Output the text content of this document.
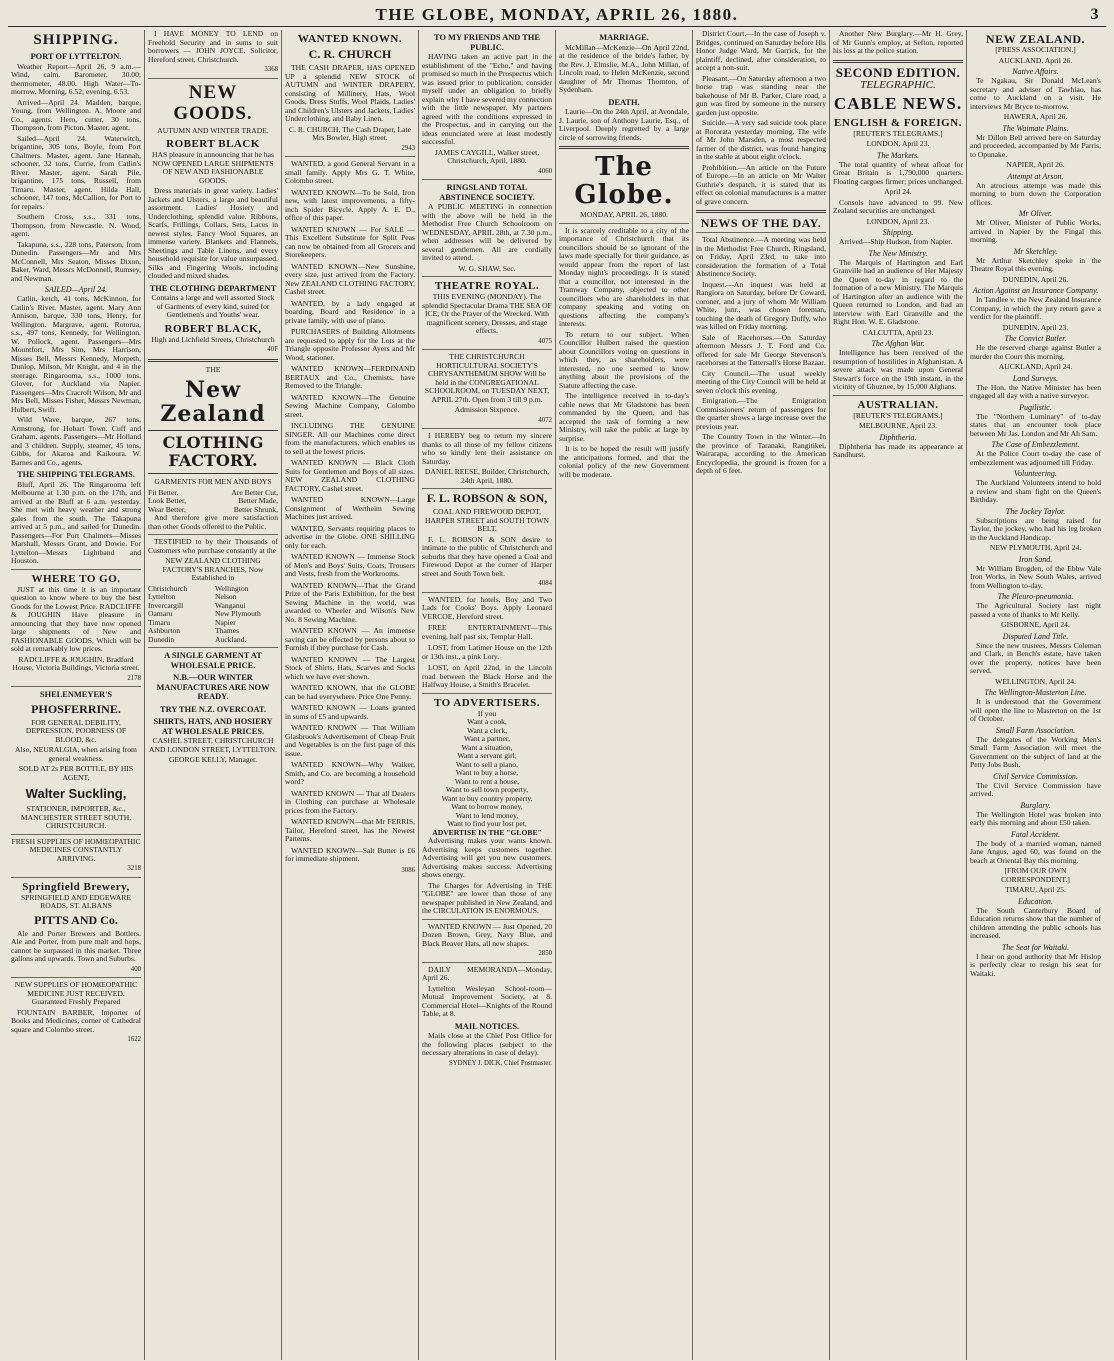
THE GLOBE, MONDAY, APRIL 26, 1880.	3
SHIPPING.
PORT OF LYTTELTON.

Weather Report—April 26, 9 a.m.—Wind, calm. Barometer, 30.00; thermometer, 48.00. High Water—To-morrow, Morning, 6.52; evening, 6.53.

Arrived—April 24. Madden, barque, Young, from Wellington. A. Moore and Co., agents. Hero, cutter, 30 tons, Thompson, from Picton. Master, agent.

Sailed—April 24. Waterwitch, brigantine, 305 tons, Boyle, from Port Chalmers. Master, agent. Jane Hannah, schooner, 32 tons, Currie, from Catlin's River. Master, agent. Sarah Pile, brigantine, 175 tons, Russell, from Timaru. Master, agent. Hilda Hall, schooner, 147 tons, McCallion, for Port to for repairs.

Southern Cross, s.s., 331 tons, Thompson, from Newcastle. N. Wood, agent.

Takapuna, s.s., 228 tons, Paterson, from Dunedin. Passengers—Mr and Mrs McConnell, Mrs Seaton, Misses Dixon, Baker, Ward, Messrs McDonnell, Rumsey, and Newman.

SAILED—April 24.

Catlin, ketch, 41 tons, McKinnon, for Catlin's River. Master, agent. Mary Ann Annison, barque, 330 tons, Henry, for Wellington. Margrave, agent. Rotorua, s.s., 497 tons, Kennedy, for Wellington. W. Pollock, agent. Passengers—Mrs Mountfort, Mrs Sim, Mrs Harrison, Misses Bell, Messrs Kennedy, Morpeth, Dunlop, Milson, Mr Knight, and 4 in the steerage. Ringarooma, s.s., 1000 tons, Glover, for Auckland via Napier. Passengers—Mrs Cracroft Wilson, Mr and Mrs Bell, Misses Fisher, Messrs Newman, Hulbert, Swift.

Wild Wave, barque, 267 tons, Armstrong, for Hobart Town. Cuff and Graham, agents. Passengers—Mr Holland and 3 children. Supply, steamer, 45 tons, Gibbs, for Akaroa and Kaikoura. W. Barnes and Co., agents.

THE SHIPPING TELEGRAMS.

Bluff, April 26. The Ringarooma left Melbourne at 1.30 p.m. on the 17th, and arrived at the Bluff at 6 a.m. yesterday. She met with heavy weather and strong gales from the south. The Takapuna arrived at 5 p.m., and sailed for Dunedin. Passengers—For Port Chalmers—Misses Marshall, Messrs Grant, and Dowie. For Lyttelton—Messrs Lightband and Houston.

WHERE TO GO.

JUST at this time it is an important question to know where to buy the best Goods for the Lowest Price. RADCLIFFE & JOUGHIN Have pleasure in announcing that they have now opened large shipments of New and FASHIONABLE GOODS, Which will be sold at remarkably low prices.

RADCLIFFE & JOUGHIN, Bradford House, Victoria Buildings, Victoria street.

2178

SHELENMEYER'S
PHOSFERRINE.

FOR GENERAL DEBILITY, DEPRESSION, POORNESS OF BLOOD, &c.

Also, NEURALGIA, when arising from general weakness.

SOLD AT 2s PER BOTTLE, BY HIS AGENT,

Walter Suckling,

STATIONER, IMPORTER, &c., MANCHESTER STREET SOUTH, CHRISTCHURCH.

FRESH SUPPLIES OF HOMŒOPATHIC MEDICINES CONSTANTLY ARRIVING.

3218

Springfield Brewery,

SPRINGFIELD AND EDGEWARE ROADS, ST. ALBANS

PITTS AND Co.

Ale and Porter Brewers and Bottlers. Ale and Porter, from pure malt and hops, cannot be surpassed in this market. Three gallons and upwards. Town and Suburbs.

400

NEW SUPPLIES OF HOMŒOPATHIC MEDICINE JUST RECEIVED. Guaranteed Freshly Prepared

FOUNTAIN BARBER, Importer of Books and Medicines, corner of Cathedral square and Colombo street.

1622

I HAVE MONEY TO LEND on Freehold Security and in sums to suit borrowers — JOHN JOYCE, Solicitor, Hereford street, Christchurch.

3368

NEW GOODS.

AUTUMN AND WINTER TRADE.

ROBERT BLACK

HAS pleasure in announcing that he has NOW OPENED LARGE SHIPMENTS OF NEW AND FASHIONABLE GOODS.

Dress materials in great variety. Ladies' Jackets and Ulsters, a large and beautiful assortment. Ladies' Hosiery and Underclothing, splendid value. Ribbons, Scarfs, Frillings, Collars, Sets, Laces in newest styles. Fancy Wool Squares, an immense variety. Blankets and Flannels, Sheetings and Table Linens, and every household requisite for value unsurpassed. Silks and Fingering Wools, including clouded and mixed shades.

THE CLOTHING DEPARTMENT

Contains a large and well assorted Stock of Garments of every kind, suited for Gentlemen's and Youths' wear.

ROBERT BLACK,

High and Lichfield Streets, Christchurch

40F

THE

New Zealand
CLOTHING FACTORY.

GARMENTS FOR MEN AND BOYS

Fit Better,	Are Better Cut,
Look Better,	Better Made,
Wear Better,	Better Shrunk,

And therefore give more satisfaction than other Goods offered to the Public.

TESTIFIED to by their Thousands of Customers who purchase constantly at the

NEW ZEALAND CLOTHING FACTORY'S BRANCHES, Now Established in

Christchurch	Wellington
Lyttelton	Nelson
Invercargill	Wanganui
Oamaru	New Plymouth
Timaru	Napier
Ashburton	Thames
Dunedin	Auckland.
A SINGLE GARMENT AT WHOLESALE PRICE.
N.B.—OUR WINTER MANUFACTURES ARE NOW READY.
TRY THE N.Z. OVERCOAT.
SHIRTS, HATS, AND HOSIERY AT WHOLESALE PRICES.

CASHEL STREET, CHRISTCHURCH AND LONDON STREET, LYTTELTON.

GEORGE KELLY, Manager.

WANTED KNOWN.
C. R. CHURCH

THE CASH DRAPER, HAS OPENED UP a splendid NEW STOCK of AUTUMN and WINTER DRAPERY, consisting of Millinery, Hats, Wool Goods, Dress Stuffs, Wool Plaids, Ladies' and Children's Ulsters and Jackets, Ladies' Underclothing, and Baby Linen.

C. R. CHURCH, The Cash Draper, Late Mrs Bowler, High street.

2943

WANTED, a good General Servant in a small family. Apply Mrs G. T. White, Colombo street.

WANTED KNOWN—To be Sold, Iron new, with latest improvements, a fifty-inch Spider Bicycle. Apply A. E. D., office of this paper.

WANTED KNOWN — For SALE — This Excellent Substitute for Split Peas can now be obtained from all Grocers and Storekeepers.

WANTED KNOWN—New Sunshine, every size, just arrived from the Factory. New ZEALAND CLOTHING FACTORY, Cashel street.

WANTED, by a lady engaged at boarding, Board and Residence in a private family, with use of piano.

PURCHASERS of Building Allotments are requested to apply for the Lots at the Triangle opposite Professor Ayers and Mr Wood, stationer.

WANTED KNOWN—FERDINAND BERTAUX and Co., Chemists, have Removed to the Triangle.

WANTED KNOWN—The Genuine Sewing Machine Company, Colombo street.

INCLUDING THE GENUINE SINGER. All our Machines come direct from the manufacturers, which enables us to sell at the lowest prices.

WANTED KNOWN — Black Cloth Suits for Gentlemen and Boys of all sizes. NEW ZEALAND CLOTHING FACTORY, Cashel street.

WANTED KNOWN—Large Consignment of Wertheim Sewing Machines just arrived.

WANTED, Servants requiring places to advertise in the Globe. ONE SHILLING only for each.

WANTED KNOWN — Immense Stock of Men's and Boys' Suits, Coats, Trousers and Vests, fresh from the Workrooms.

WANTED KNOWN—That the Grand Prize of the Paris Exhibition, for the best Sewing Machine in the world, was awarded to Wheeler and Wilson's New No. 8 Sewing Machine.

WANTED KNOWN — An immense saving can be effected by persons about to Furnish if they purchase for Cash.

WANTED KNOWN — The Largest Stock of Shirts, Hats, Scarves and Socks which we have ever shown.

WANTED KNOWN, that the GLOBE can be had everywhere. Price One Penny.

WANTED KNOWN — Loans granted in sums of £5 and upwards.

WANTED KNOWN — That William Glasbrook's Advertisement of Cheap Fruit and Vegetables is on the first page of this issue.

WANTED KNOWN—Why Walker, Smith, and Co. are becoming a household word?

WANTED KNOWN — That all Dealers in Clothing can purchase at Wholesale prices from the Factory.

WANTED KNOWN—that Mr FERRIS, Tailor, Hereford street, has the Newest Patterns.

WANTED KNOWN—Salt Butter is £6 for immediate shipment.

3086

TO MY FRIENDS AND THE PUBLIC.

HAVING taken an active part in the establishment of the "Echo," and having promised so much in the Prospectus which was issued prior to publication, consider myself under an obligation to briefly explain why I have severed my connection with the little newspaper. My partners agreed with the conditions expressed in the Prospectus, and in carrying out the ideas enunciated were at least modestly successful.

JAMES CAYGILL, Walker street, Christchurch, April, 1880.

4060

RINGSLAND TOTAL ABSTINENCE SOCIETY.

A PUBLIC MEETING in connection with the above will be held in the Methodist Free Church Schoolroom on WEDNESDAY, APRIL 28th, at 7.30 p.m., when addresses will be delivered by several gentlemen. All are cordially invited to attend.

W. G. SHAW, Sec.

THEATRE ROYAL.

THIS EVENING (MONDAY). The splendid Spectacular Drama THE SEA OF ICE; Or the Prayer of the Wrecked. With magnificent scenery, Dresses, and stage effects.

4075

THE CHRISTCHURCH HORTICULTURAL SOCIETY'S CHRYSANTHEMUM SHOW Will be held in the CONGREGATIONAL SCHOOLROOM, on TUESDAY NEXT, APRIL 27th. Open from 3 till 9 p.m.

Admission Sixpence.

4072

I HEREBY beg to return my sincere thanks to all those of my fellow citizens who so kindly lent their assistance on Saturday.

DANIEL REESE, Builder, Christchurch, 24th April, 1880.

F. L. ROBSON & SON,

COAL AND FIREWOOD DEPOT, HARPER STREET and SOUTH TOWN BELT.

F. L. ROBSON & SON desire to intimate to the public of Christchurch and suburbs that they have opened a Coal and Firewood Depot at the corner of Harper street and South Town belt.

4084

WANTED, for hotels, Boy and Two Lads for Cooks' Boys. Apply Leonard VERCOE, Hereford street.

FREE ENTERTAINMENT—This evening, half past six, Templar Hall.

LOST, from Latimer House on the 12th or 13th inst., a pink Lory.

LOST, on April 22nd, in the Lincoln road between the Black Horse and the Halfway House, a Smith's Bracelet.

TO ADVERTISERS.
If you
Want a cook,
Want a clerk,
Want a partner,
Want a situation,
Want a servant girl,
Want to sell a piano,
Want to buy a horse,
Want to rent a house,
Want to sell town property,
Want to buy country property,
Want to borrow money,
Want to lend money,
Want to find your lost pet,
ADVERTISE IN THE "GLOBE"

Advertising makes your wants known. Advertising keeps customers together. Advertising will get you new customers. Advertising makes success. Advertising shows energy.

The Charges for Advertising in THE "GLOBE" are lower than those of any newspaper published in New Zealand, and the CIRCULATION IS ENORMOUS.

WANTED KNOWN — Just Opened, 20 Dozen Brown, Grey, Navy Blue, and Black Beaver Hats, all new shapes.

2850

DAILY MEMORANDA—Monday, April 26.

Lyttelton Wesleyan School-room—Mutual Improvement Society, at 8. Commercial Hotel—Knights of the Round Table, at 8.

MAIL NOTICES.

Mails close at the Chief Post Office for the following places (subject to the necessary alterations in case of delay).

SYDNEY J. DICK, Chief Postmaster.

MARRIAGE.

McMillan—McKenzie—On April 22nd, at the residence of the bride's father, by the Rev. J. Elmslie, M.A., John Millan, of Lincoln road, to Helen McKenzie, second daughter of Mr Thomas Thornton, of Sydenham.

DEATH.

Laurie—On the 24th April, at Avondale, J. Laurie, son of Anthony Laurie, Esq., of Liverpool. Deeply regretted by a large circle of sorrowing friends.

The Globe.

MONDAY, APRIL 26, 1880.

It is scarcely creditable to a city of the importance of Christchurch that its councillors should be so ignorant of the laws made specially for their guidance, as would appear from the report of last Monday night's proceedings. It is stated that a councillor, not interested in the Tramway Company, objected to other councillors who are shareholders in that company speaking and voting on questions affecting the company's interests.

To return to our subject. When Councillor Hulbert raised the question about Councillors voting on questions in which they, as shareholders, were interested, no one seemed to know anything about the provisions of the Statute affecting the case.

The intelligence received in to-day's cable news that Mr Gladstone has been commanded by the Queen, and has accepted the task of forming a new Ministry, will take the public at large by surprise.

It is to be hoped the result will justify the anticipations formed, and that the colonial policy of the new Government will be moderate.

District Court.—In the case of Joseph v. Bridges, continued on Saturday before His Honor Judge Ward, Mr Garrick, for the plaintiff, declined, after consideration, to accept a non-suit.

Pleasant.—On Saturday afternoon a two horse trap was standing near the bakehouse of Mr B. Parker, Clare road, a gun was fired by someone in the nursery garden just opposite.

Suicide.—A very sad suicide took place at Rororata yesterday morning. The wife of Mr John Marsden, a most respected farmer of the district, was found hanging in the stable at about eight o'clock.

Prohibition.—An article on the Future of Europe.—In an article on Mr Walter Guthrie's despatch, it is stated that its effect on colonial manufactures is a matter of grave concern.

NEWS OF THE DAY.

Total Abstinence.—A meeting was held in the Methodist Free Church, Ringsland, on Friday, April 23rd, to take into consideration the formation of a Total Abstinence Society.

Inquest.—An inquest was held at Rangiora on Saturday, before Dr Coward, coroner, and a jury of whom Mr William White, junr., was chosen foreman, touching the death of Gregory Duffy, who was killed on Friday morning.

Sale of Racehorses.—On Saturday afternoon Messrs J. T. Ford and Co. offered for sale Mr George Stevenson's racehorses at the Tattersall's Horse Bazaar.

City Council.—The usual weekly meeting of the City Council will be held at seven o'clock this evening.

Emigration.—The Emigration Commissioners' return of passengers for the quarter shows a large increase over the previous year.

The Country Town in the Winter.—In the province of Taranaki, Rangitikei, Wairarapa, according to the American Encyclopedia, the ground is frozen for a depth of 6 feet.

Another New Burglary.—Mr H. Grey, of Mr Gunn's employ, at Sefton, reported his loss at the police station.

SECOND EDITION.
TELEGRAPHIC.
CABLE NEWS.
ENGLISH & FOREIGN.

[REUTER'S TELEGRAMS.]

LONDON, April 23.

The Markets.

The total quantity of wheat afloat for Great Britain is 1,790,000 quarters. Floating cargoes firmer; prices unchanged.

April 24.

Consols have advanced to 99. New Zealand securities are unchanged.

LONDON, April 23.

Shipping.

Arrived—Ship Hudson, from Napier.

The New Ministry.

The Marquis of Hartington and Earl Granville had an audience of Her Majesty the Queen to-day in regard to the formation of a new Ministry. The Marquis of Hartington after an audience with the Queen returned to London, and had an interview with Earl Granville and the Right Hon. W. E. Gladstone.

CALCUTTA, April 23.

The Afghan War.

Intelligence has been received of the resumption of hostilities in Afghanistan. A severe attack was made upon General Stewart's force on the 19th instant, in the vicinity of Ghuznee, by 15,000 Afghans.

AUSTRALIAN.

[REUTER'S TELEGRAMS.]

MELBOURNE, April 23.

Diphtheria.

Diphtheria has made its appearance at Sandhurst.

NEW ZEALAND.

[PRESS ASSOCIATION.]

AUCKLAND, April 26.

Native Affairs.

Te Ngakau, Sir Donald McLean's secretary and adviser of Tawhiao, has come to Auckland on a visit. He interviews Mr Bryce to-morrow.

HAWERA, April 26.

The Waimate Plains.

Mr Dillon Bell arrived here on Saturday and proceeded, accompanied by Mr Parris, to Opunake.

NAPIER, April 26.

Attempt at Arson.

An atrocious attempt was made this morning to burn down the Corporation offices.

Mr Oliver.

Mr Oliver, Minister of Public Works, arrived in Napier by the Fingal this morning.

Mr Sketchley.

Mr Arthur Sketchley spoke in the Theatre Royal this evening.

DUNEDIN, April 26.

Action Against an Insurance Company.

In Tandlee v. the New Zealand Insurance Company, in which the jury return gave a verdict for the plaintiff.

DUNEDIN, April 23.

The Convict Butler.

He the reserved charge against Butler a murder the Court this morning.

AUCKLAND, April 24.

Land Surveys.

The Hon. the Native Minister has been engaged all day with a native surveyor.

Pugilistic.

The "Northern Luminary" of to-day states that an encounter took place between Mr Jas. London and Mr Ah Sam.

The Case of Embezzlement.

At the Police Court to-day the case of embezzlement was adjourned till Friday.

Volunteering.

The Auckland Volunteers intend to hold a review and sham fight on the Queen's Birthday.

The Jockey Taylor.

Subscriptions are being raised for Taylor, the jockey, who had his leg broken in the Auckland Handicap.

NEW PLYMOUTH, April 24.

Iron Sand.

Mr William Brogden, of the Ebbw Vale Iron Works, in New South Wales, arrived from Wellington to-day.

The Pleuro-pneumonia.

The Agricultural Society last night passed a vote of thanks to Mr Kelly.

GISBORNE, April 24.

Disputed Land Title.

Since the new trustees, Messrs Coleman and Clark, in Bench's estate, have taken over the property, notices have been served.

WELLINGTON, April 24.

The Wellington-Masterton Line.

It is understood that the Government will open the line to Masterton on the 1st of October.

Small Farm Association.

The delegates of the Working Men's Small Farm Association will meet the Government on the subject of land at the Petty Jobs Bush.

Civil Service Commission.

The Civil Service Commission have arrived.

Burglary.

The Wellington Hotel was broken into early this morning and about £50 taken.

Fatal Accident.

The body of a married woman, named Jane Angus, aged 60, was found on the beach at Oriental Bay this morning.

[FROM OUR OWN CORRESPONDENT.]

TIMARU, April 25.

Education.

The South Canterbury Board of Education returns show that the number of children attending the public schools has increased.

The Seat for Waitaki.

I hear on good authority that Mr Hislop is perfectly clear to resign his seat for Waitaki.
